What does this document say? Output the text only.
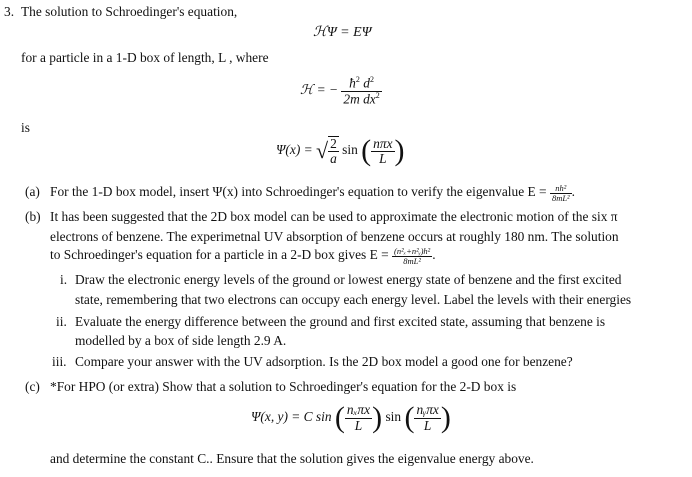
3. The solution to Schroedinger's equation,
ℋΨ = EΨ
for a particle in a 1-D box of length, L , where
ℋ = − $\frac{ħ^2 d^2}{2m dx^2}$
is
Ψ(x) = √ $\frac{2}{a}$ sin ( $\frac{\text{nπx}}{L}$ )
(a) For the 1-D box model, insert Ψ(x) into Schroedinger's equation to verify the eigenvalue $E = \frac{\text{nh²}}{\text{8mL²}}$ .
(b) It has been suggested that the 2D box model can be used to approximate the electronic motion of the six π
electrons of benzene. The experimetnal UV absorption of benzene occurs at roughly 180 nm. The solution
to Schroedinger's equation for a particle in a 2-D box gives $E = \frac{\text{(n²ₓ+n²ᵧ)h²}}{\text{8mL²}}$ .
i. Draw the electronic energy levels of the ground or lowest energy state of benzene and the first excited
state, remembering that two electrons can occupy each energy level. Label the levels with their energies
ii. Evaluate the energy difference between the ground and first excited state, assuming that benzene is
modelled by a box of side length 2.9 A.
iii. Compare your answer with the UV adsorption. Is the 2D box model a good one for benzene?
(c) *For HPO (or extra) Show that a solution to Schroedinger's equation for the 2-D box is
Ψ(x, y) = C sin ( $\frac{\text{nₓπx}}{L}$ ) sin ( $\frac{\text{nᵧπx}}{L}$ )
and determine the constant C.. Ensure that the solution gives the eigenvalue energy above.
